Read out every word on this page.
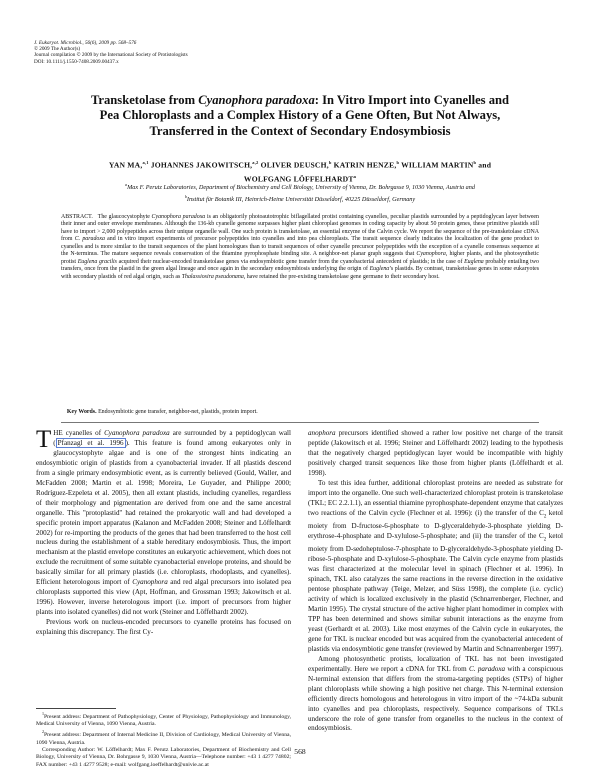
J. Eukaryot. Microbiol., 56(6), 2009 pp. 568–576
© 2009 The Author(s)
Journal compilation © 2009 by the International Society of Protistologists
DOI: 10.1111/j.1550-7408.2009.00437.x
Transketolase from Cyanophora paradoxa: In Vitro Import into Cyanelles and
Pea Chloroplasts and a Complex History of a Gene Often, But Not Always,
Transferred in the Context of Secondary Endosymbiosis
YAN MA,$^{a,1}$ JOHANNES JAKOWITSCH,$^{a,2}$ OLIVER DEUSCH,$^b$ KATRIN HENZE,$^b$ WILLIAM MARTIN$^b$ and
WOLFGANG LÖFFELHARDT$^a$
$^a$Max F. Perutz Laboratories, Department of Biochemistry and Cell Biology, University of Vienna, Dr. Bohrgasse 9, 1030 Vienna, Austria and
$^b$Institut für Botanik III, Heinrich-Heine Universität Düsseldorf, 40225 Düsseldorf, Germany
ABSTRACT.   The glaucocystophyte Cyanophora paradoxa is an obligatorily photoautotrophic biflagellated protist containing cyanelles, peculiar plastids surrounded by a peptidoglycan layer between their inner and outer envelope membranes. Although the 136-kb cyanelle genome surpasses higher plant chloroplast genomes in coding capacity by about 50 protein genes, these primitive plastids still have to import > 2,000 polypeptides across their unique organelle wall. One such protein is transketolase, an essential enzyme of the Calvin cycle. We report the sequence of the pre-transketolase cDNA from C. paradoxa and in vitro import experiments of precursor polypeptides into cyanelles and into pea chloroplasts. The transit sequence clearly indicates the localization of the gene product to cyanelles and is more similar to the transit sequences of the plant homologues than to transit sequences of other cyanelle precursor polypeptides with the exception of a cyanelle consensus sequence at the N-terminus. The mature sequence reveals conservation of the thiamine pyrophosphate binding site. A neighbor-net planar graph suggests that Cyanophora, higher plants, and the photosynthetic protist Euglena gracilis acquired their nuclear-encoded transketolase genes via endosymbiotic gene transfer from the cyanobacterial antecedent of plastids; in the case of Euglena probably entailing two transfers, once from the plastid in the green algal lineage and once again in the secondary endosymbiosis underlying the origin of Euglena’s plastids. By contrast, transketolase genes in some eukaryotes with secondary plastids of red algal origin, such as Thalassiosira pseudonana, have retained the pre-existing transketolase gene germane to their secondary host.
Key Words. Endosymbiotic gene transfer, neighbor-net, plastids, protein import.

THE cyanelles of Cyanophora paradoxa are surrounded by a peptidoglycan wall ( Pfanzagl et al. 1996 ). This feature is found among eukaryotes only in glaucocystophyte algae and is one of the strongest hints indicating an endosymbiotic origin of plastids from a cyanobacterial invader. If all plastids descend from a single primary endosymbiotic event, as is currently believed (Gould, Waller, and McFadden 2008; Martin et al. 1998; Moreira, Le Guyader, and Philippe 2000; Rodríguez-Ezpeleta et al. 2005), then all extant plastids, including cyanelles, regardless of their morphology and pigmentation are derived from one and the same ancestral organelle. This ''protoplastid'' had retained the prokaryotic wall and had developed a specific protein import apparatus (Kalanon and McFadden 2008; Steiner and Löffelhardt 2002) for re-importing the products of the genes that had been transferred to the host cell nucleus during the establishment of a stable hereditary endosymbiosis. Thus, the import mechanism at the plastid envelope constitutes an eukaryotic achievement, which does not exclude the recruitment of some suitable cyanobacterial envelope proteins, and should be basically similar for all primary plastids (i.e. chloroplasts, rhodoplasts, and cyanelles). Efficient heterologous import of Cyanophora and red algal precursors into isolated pea chloroplasts supported this view (Apt, Hoffman, and Grossman 1993; Jakowitsch et al. 1996). However, inverse heterologous import (i.e. import of precursors from higher plants into isolated cyanelles) did not work (Steiner and Löffelhardt 2002).

Previous work on nucleus-encoded precursors to cyanelle proteins has focused on explaining this discrepancy. The first Cy-

anophora precursors identified showed a rather low positive net charge of the transit peptide (Jakowitsch et al. 1996; Steiner and Löffelhardt 2002) leading to the hypothesis that the negatively charged peptidoglycan layer would be incompatible with highly positively charged transit sequences like those from higher plants (Löffelhardt et al. 1998).

To test this idea further, additional chloroplast proteins are needed as substrate for import into the organelle. One such well-characterized chloroplast protein is transketolase (TKL; EC 2.2.1.1), an essential thiamine pyrophosphate-dependent enzyme that catalyzes two reactions of the Calvin cycle (Flechner et al. 1996): (i) the transfer of the $C_2$ ketol moiety from D-fructose-6-phosphate to D-glyceraldehyde-3-phosphate yielding D-erythrose-4-phosphate and D-xylulose-5-phosphate; and (ii) the transfer of the $C_2$ ketol moiety from D-sedoheptulose-7-phosphate to D-glyceraldehyde-3-phosphate yielding D-ribose-5-phosphate and D-xylulose-5-phosphate. The Calvin cycle enzyme from plastids was first characterized at the molecular level in spinach (Flechner et al. 1996). In spinach, TKL also catalyzes the same reactions in the reverse direction in the oxidative pentose phosphate pathway (Teige, Melzer, and Süss 1998), the complete (i.e. cyclic) activity of which is localized exclusively in the plastid (Schnarrenberger, Flechner, and Martin 1995). The crystal structure of the active higher plant homodimer in complex with TPP has been determined and shows similar subunit interactions as the enzyme from yeast (Gerhardt et al. 2003). Like most enzymes of the Calvin cycle in eukaryotes, the gene for TKL is nuclear encoded but was acquired from the cyanobacterial antecedent of plastids via endosymbiotic gene transfer (reviewed by Martin and Schnarrenberger 1997).

Among photosynthetic protists, localization of TKL has not been investigated experimentally. Here we report a cDNA for TKL from C. paradoxa with a conspicuous N-terminal extension that differs from the stroma-targeting peptides (STPs) of higher plant chloroplasts while showing a high positive net charge. This N-terminal extension efficiently directs homologous and heterologous in vitro import of the ~74-kDa subunit into cyanelles and pea chloroplasts, respectively. Sequence comparisons of TKLs underscore the role of gene transfer from organelles to the nucleus in the context of endosymbiosis.

$^1$Present address: Department of Pathophysiology, Center of Physiology, Pathophysiology and Immunology, Medical University of Vienna, 1090 Vienna, Austria.

$^2$Present address: Department of Internal Medicine II, Division of Cardiology, Medical University of Vienna, 1090 Vienna, Austria.

Corresponding Author: W. Löffelhardt; Max F. Perutz Laboratories, Department of Biochemistry and Cell Biology, University of Vienna, Dr. Bohrgasse 9, 1030 Vienna, Austria—Telephone number: +43 1 4277 74802; FAX number: +43 1 4277 9528; e-mail: wolfgang.loeffelhardt@univie.ac.at

568
